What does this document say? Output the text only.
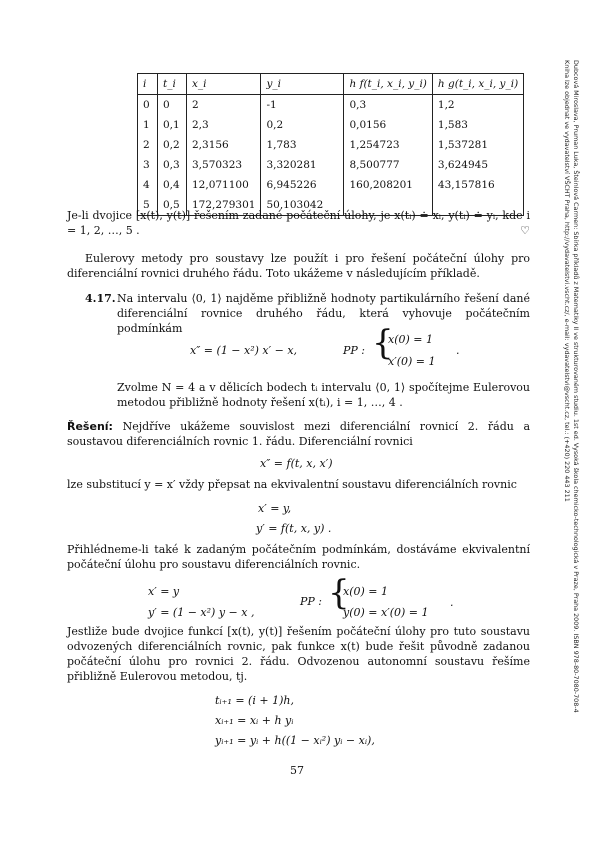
i	t_i	x_i	y_i	h f(t_i, x_i, y_i)	h g(t_i, x_i, y_i)
0	0	2	-1	0,3	1,2
1	0,1	2,3	0,2	0,0156	1,583
2	0,2	2,3156	1,783	1,254723	1,537281
3	0,3	3,570323	3,320281	8,500777	3,624945
4	0,4	12,071100	6,945226	160,208201	43,157816
5	0,5	172,279301	50,103042		
Je-li dvojice [x(t), y(t)] řešením zadané počáteční úlohy, je x(tᵢ) ≐ xᵢ, y(tᵢ) ≐ yᵢ, kde i = 1, 2, …, 5 .	♡
Eulerovy metody pro soustavy lze použít i pro řešení počáteční úlohy pro diferenciální rovnici druhého řádu. Toto ukážeme v následujícím příkladě.
4.17. Na intervalu ⟨0, 1⟩ najděme přibližně hodnoty partikulárního řešení dané diferenciální rovnice druhého řádu, která vyhovuje počátečním podmínkám
x″ = (1 − x²) x′ − x,	PP : {
x(0) = 1
x′(0) = 1
.
Zvolme N = 4 a v dělicích bodech tᵢ intervalu ⟨0, 1⟩ spočítejme Eulerovou metodou přibližně hodnoty řešení x(tᵢ), i = 1, …, 4 .
Řešení: Nejdříve ukážeme souvislost mezi diferenciální rovnicí 2. řádu a soustavou diferenciálních rovnic 1. řádu. Diferenciální rovnici
x″ = f(t, x, x′)
lze substitucí y = x′ vždy přepsat na ekvivalentní soustavu diferenciálních rovnic
x′ = y,
y′ = f(t, x, y) .
Přihlédneme-li také k zadaným počátečním podmínkám, dostáváme ekvivalentní počáteční úlohu pro soustavu diferenciálních rovnic.
x′ = y
y′ = (1 − x²) y − x ,
PP : {
x(0) = 1
y(0) = x′(0) = 1
.
Jestliže bude dvojice funkcí [x(t), y(t)] řešením počáteční úlohy pro tuto soustavu odvozených diferenciálních rovnic, pak funkce x(t) bude řešit původně zadanou počáteční úlohu pro rovnici 2. řádu. Odvozenou autonomní soustavu řešíme přibližně Eulerovou metodou, tj.
tᵢ₊₁ = (i + 1)h,
xᵢ₊₁ = xᵢ + h yᵢ
yᵢ₊₁ = yᵢ + h((1 − xᵢ²) yᵢ − xᵢ),
57
Dubcová Miroslava, Pruman Luka, Šteinlová Carmen: Sbírka příkladů z Matematiky II ve strukturovaném studiu. 1st ed. Vysoká škola chemicko-technologická v Praze, Praha 2009. ISBN 978-80-7080-708-4
Kniha lze objednat ve vydavatelství VŠCHT Praha, http://vydavatelstvi.vscht.cz/, e-mail: vydavatelstvi@vscht.cz, tel.: (+420) 220 443 211
